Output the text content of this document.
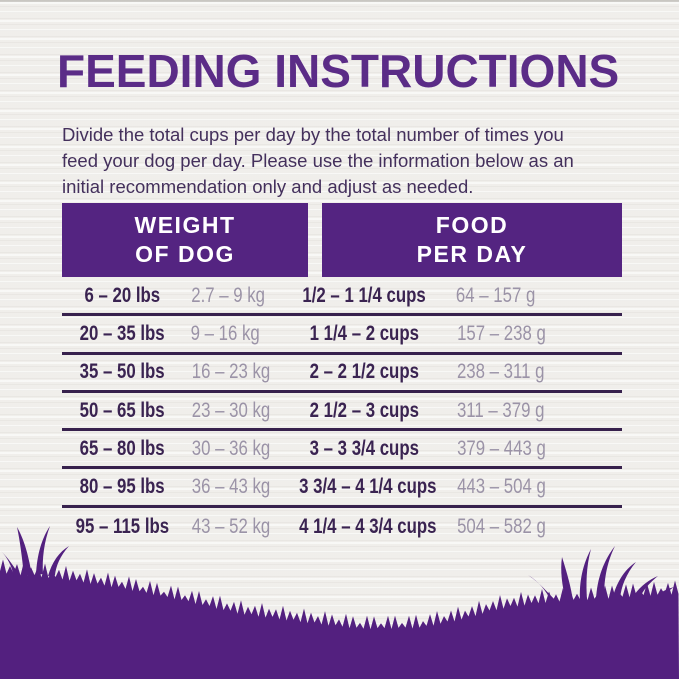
FEEDING INSTRUCTIONS

Divide the total cups per day by the total number of times you
feed your dog per day. Please use the information below as an
initial recommendation only and adjust as needed.

WEIGHT
OF DOG
FOOD
PER DAY
6 – 20 lbs	2.7 – 9 kg	1/2 – 1 1/4 cups	64 – 157 g
20 – 35 lbs	9 – 16 kg	1 1/4 – 2 cups	157 – 238 g
35 – 50 lbs	16 – 23 kg	2 – 2 1/2 cups	238 – 311 g
50 – 65 lbs	23 – 30 kg	2 1/2 – 3 cups	311 – 379 g
65 – 80 lbs	30 – 36 kg	3 – 3 3/4 cups	379 – 443 g
80 – 95 lbs	36 – 43 kg	3 3/4 – 4 1/4 cups 443 – 504 g
95 – 115 lbs	43 – 52 kg	4 1/4 – 4 3/4 cups 504 – 582 g
